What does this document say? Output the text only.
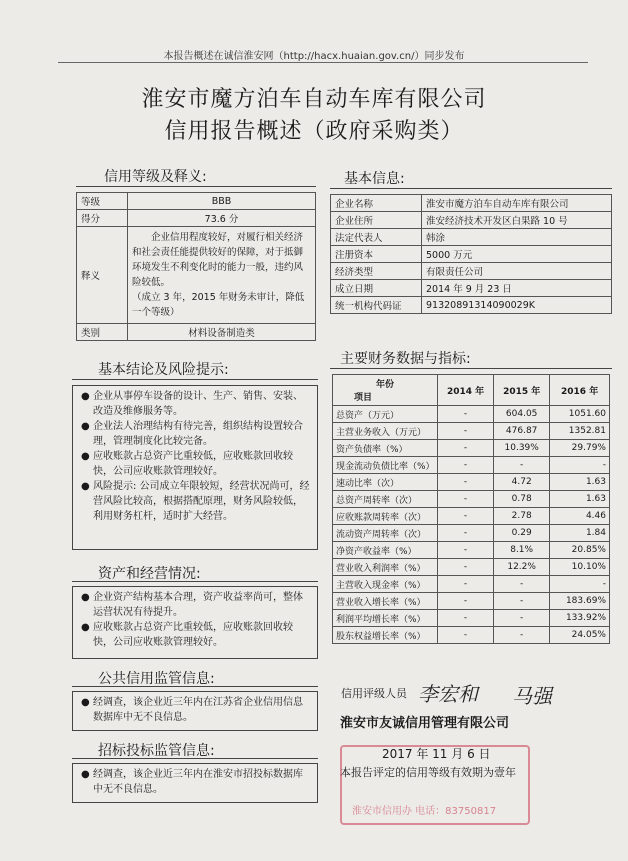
本报告概述在诚信淮安网（http://hacx.huaian.gov.cn/）同步发布
淮安市魔方泊车自动车库有限公司
信用报告概述（政府采购类）
信用等级及释义:
等级	BBB
得分	73.6 分
释义	企业信用程度较好，对履行相关经济和社会责任能提供较好的保障，对于抵御环境发生不利变化时的能力一般，违约风险较低。
（成立 3 年，2015 年财务未审计，降低一个等级）

类别	材料设备制造类
基本信息:
企业名称	淮安市魔方泊车自动车库有限公司
企业住所	淮安经济技术开发区白果路 10 号
法定代表人	韩涂
注册资本	5000 万元
经济类型	有限责任公司
成立日期	2014 年 9 月 23 日
统一机构代码证	91320891314090029K
基本结论及风险提示:

● 企业从事停车设备的设计、生产、销售、安装、改造及维修服务等。

● 企业法人治理结构有待完善，组织结构设置较合理，管理制度化比较完备。

● 应收账款占总资产比重较低，应收账款回收较快，公司应收账款管理较好。

● 风险提示: 公司成立年限较短，经营状况尚可，经营风险比较高，根据搭配原理，财务风险较低，利用财务杠杆，适时扩大经营。

资产和经营情况:

● 企业资产结构基本合理，资产收益率尚可，整体运营状况有待提升。

● 应收账款占总资产比重较低，应收账款回收较快，公司应收账款管理较好。

公共信用监管信息:

● 经调查，该企业近三年内在江苏省企业信用信息数据库中无不良信息。

招标投标监管信息:

● 经调查，该企业近三年内在淮安市招投标数据库中无不良信息。

主要财务数据与指标:
年份
项目	2014 年	2015 年	2016 年
总资产（万元）	-	604.05	1051.60
主营业务收入（万元）	-	476.87	1352.81
资产负债率（%）	-	10.39%	29.79%
现金流动负债比率（%）	-	-	-
速动比率（次）	-	4.72	1.63
总资产周转率（次）	-	0.78	1.63
应收账款周转率（次）	-	2.78	4.46
流动资产周转率（次）	-	0.29	1.84
净资产收益率（%）	-	8.1%	20.85%
营业收入利润率（%）	-	12.2%	10.10%
主营收入现金率（%）	-	-	-
营业收入增长率（%）	-	-	183.69%
利润平均增长率（%）	-	-	133.92%
股东权益增长率（%）	-	-	24.05%
信用评级人员 李宏和 马强
淮安市友诚信用管理有限公司
淮安市信用办 电话：83750817
2017 年 11 月 6 日
本报告评定的信用等级有效期为壹年
